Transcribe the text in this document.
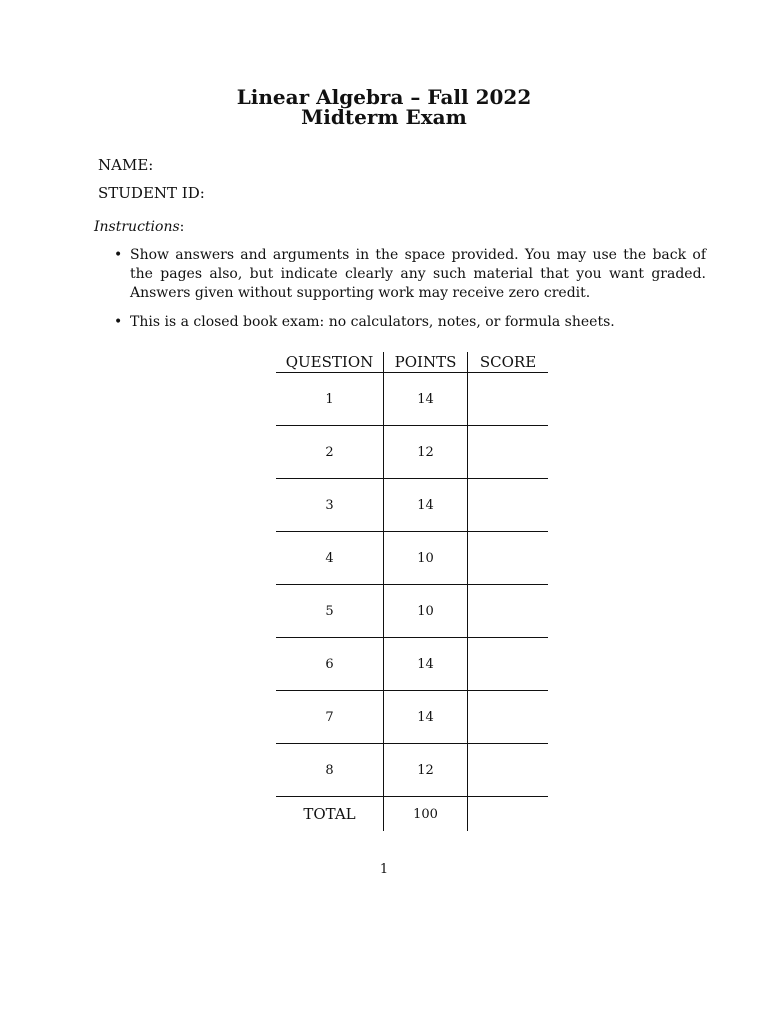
Linear Algebra – Fall 2022
Midterm Exam
NAME:
STUDENT ID:
Instructions:
• Show answers and arguments in the space provided. You may use the back of the pages also, but indicate clearly any such material that you want graded. Answers given without supporting work may receive zero credit.
• This is a closed book exam: no calculators, notes, or formula sheets.
QUESTION	POINTS	SCORE
1	14	
2	12	
3	14	
4	10	
5	10	
6	14	
7	14	
8	12	
TOTAL	100	
1
